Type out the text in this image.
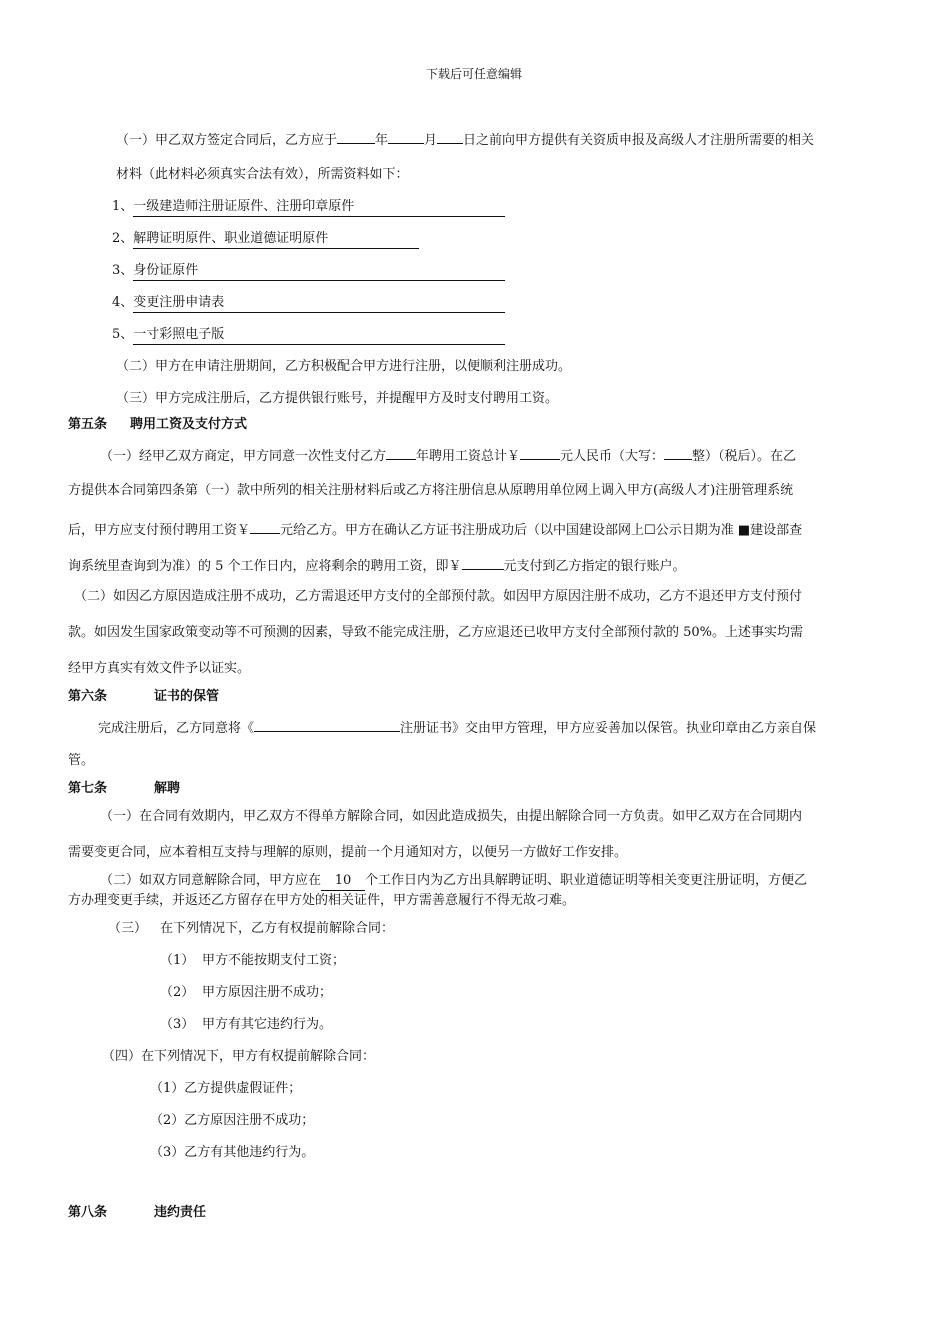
下载后可任意编辑
（一）甲乙双方签定合同后，乙方应于	年	月 日之前向甲方提供有关资质申报及高级人才注册所需要的相关
材料（此材料必须真实合法有效），所需资料如下：
1、一级建造师注册证原件、注册印章原件
2、解聘证明原件、职业道德证明原件
3、身份证原件
4、变更注册申请表
5、一寸彩照电子版
（二）甲方在申请注册期间，乙方积极配合甲方进行注册，以便顺利注册成功。
（三）甲方完成注册后，乙方提供银行账号，并提醒甲方及时支付聘用工资。
第五条 聘用工资及支付方式
（一）经甲乙双方商定，甲方同意一次性支付乙方 年聘用工资总计￥	元人民币（大写： 整）（税后）。在乙
方提供本合同第四条第（一）款中所列的相关注册材料后或乙方将注册信息从原聘用单位网上调入甲方(高级人才)注册管理系统
后，甲方应支付预付聘用工资￥ 元给乙方。甲方在确认乙方证书注册成功后（以中国建设部网上☐公示日期为准 ■建设部查
询系统里查询到为准）的 5 个工作日内，应将剩余的聘用工资，即￥	元支付到乙方指定的银行账户。
（二）如因乙方原因造成注册不成功，乙方需退还甲方支付的全部预付款。如因甲方原因注册不成功，乙方不退还甲方支付预付
款。如因发生国家政策变动等不可预测的因素，导致不能完成注册，乙方应退还已收甲方支付全部预付款的 50%。上述事实均需
经甲方真实有效文件予以证实。
第六条	证书的保管
完成注册后，乙方同意将《	注册证书》交由甲方管理，甲方应妥善加以保管。执业印章由乙方亲自保
管。
第七条	解聘
（一）在合同有效期内，甲乙双方不得单方解除合同，如因此造成损失，由提出解除合同一方负责。如甲乙双方在合同期内
需要变更合同，应本着相互支持与理解的原则，提前一个月通知对方，以便另一方做好工作安排。
（二）如双方同意解除合同，甲方应在 10 个工作日内为乙方出具解聘证明、职业道德证明等相关变更注册证明，方便乙
方办理变更手续，并返还乙方留存在甲方处的相关证件，甲方需善意履行不得无故刁难。
（三） 在下列情况下，乙方有权提前解除合同：
（1） 甲方不能按期支付工资；
（2） 甲方原因注册不成功；
（3） 甲方有其它违约行为。
（四）在下列情况下，甲方有权提前解除合同：
（1）乙方提供虚假证件；
（2）乙方原因注册不成功；
（3）乙方有其他违约行为。
第八条	违约责任
